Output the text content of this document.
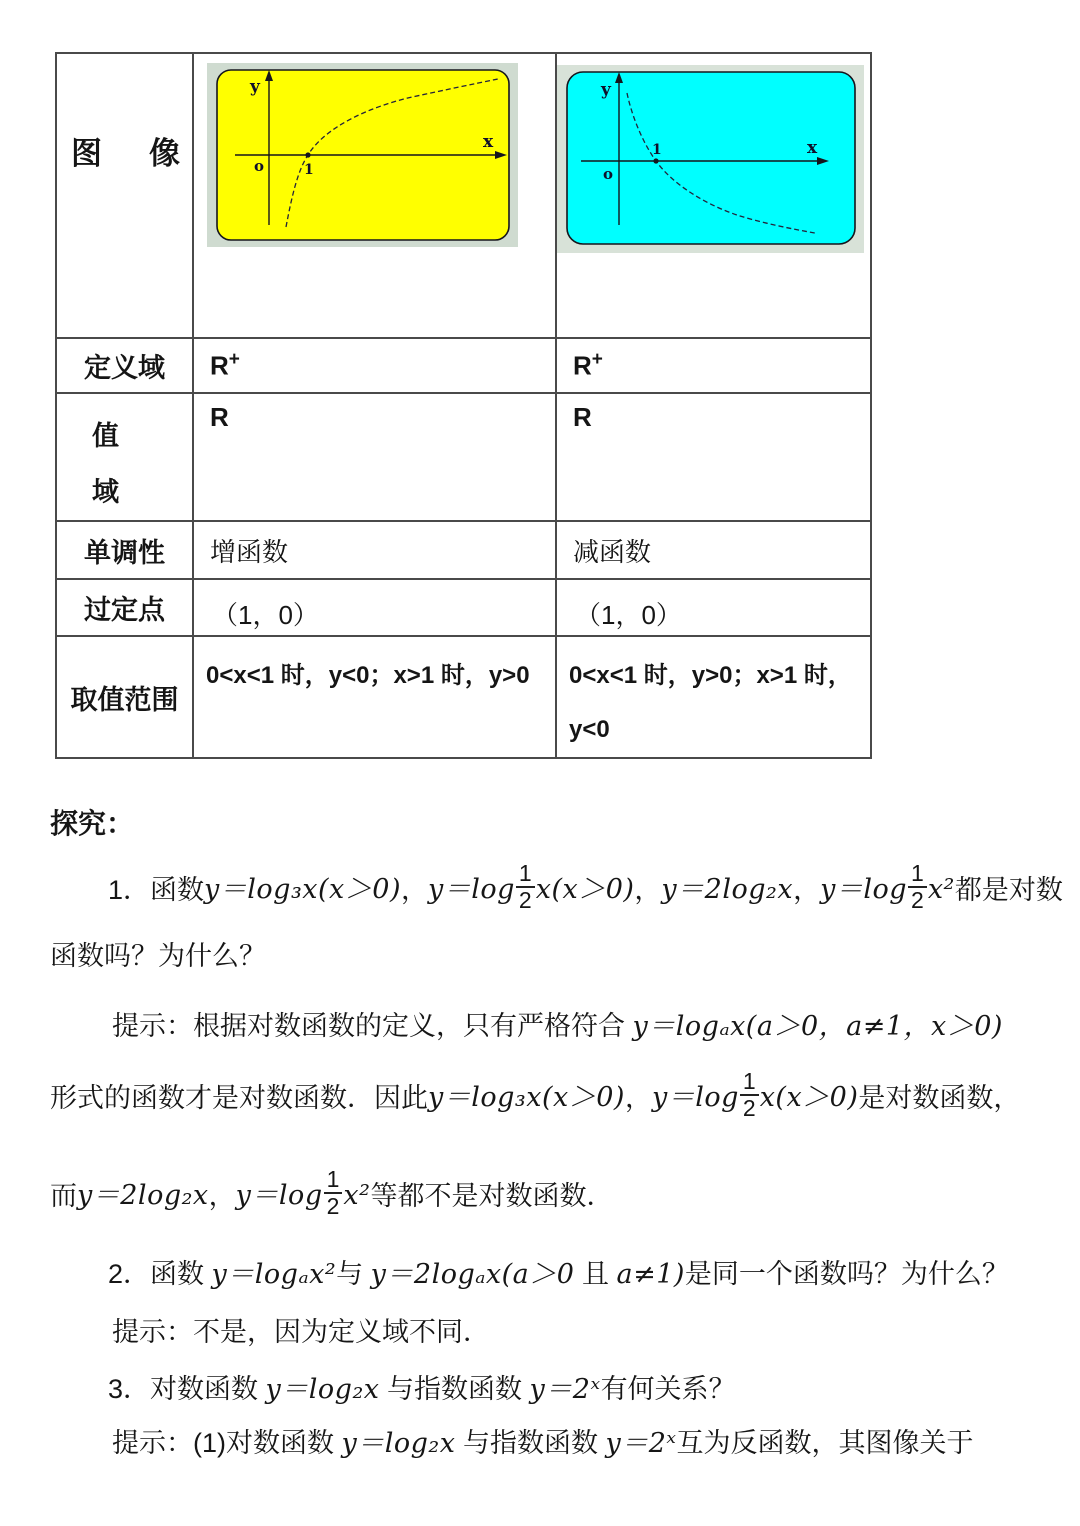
图 像	y
o 1
x	y
o
1 x

定义域	R+	R+

值
域	R	R
单调性	增函数	减函数
过定点	（1，0）	（1，0）
取值范围	0<x<1 时，y<0；x>1 时，y>0	0<x<1 时，y>0；x>1 时，
y<0
探究：
1．函数 y＝log₃x(x＞0) ， $y=\log \frac{1}{2} x(x>0)$ ， y＝2log₂x ， $y=\log \frac{1}{2} x^2$ 都是对数
函数吗？为什么？
提示：根据对数函数的定义，只有严格符合 y＝logₐx(a＞0，a≠1，x＞0)
形式的函数才是对数函数．因此 y＝log₃x(x＞0) ， $y=\log \frac{1}{2} x(x>0)$ 是对数函数，
而 y＝2log₂x ， $y=\log \frac{1}{2} x^2$ 等都不是对数函数．
2．函数 y＝logₐx²与 y＝2logₐx(a＞0 且 a≠1)是同一个函数吗？为什么？
提示：不是，因为定义域不同．
3．对数函数 y＝log₂x 与指数函数 y＝2ˣ有何关系？
提示：(1)对数函数 y＝log₂x 与指数函数 y＝2ˣ互为反函数，其图像关于
